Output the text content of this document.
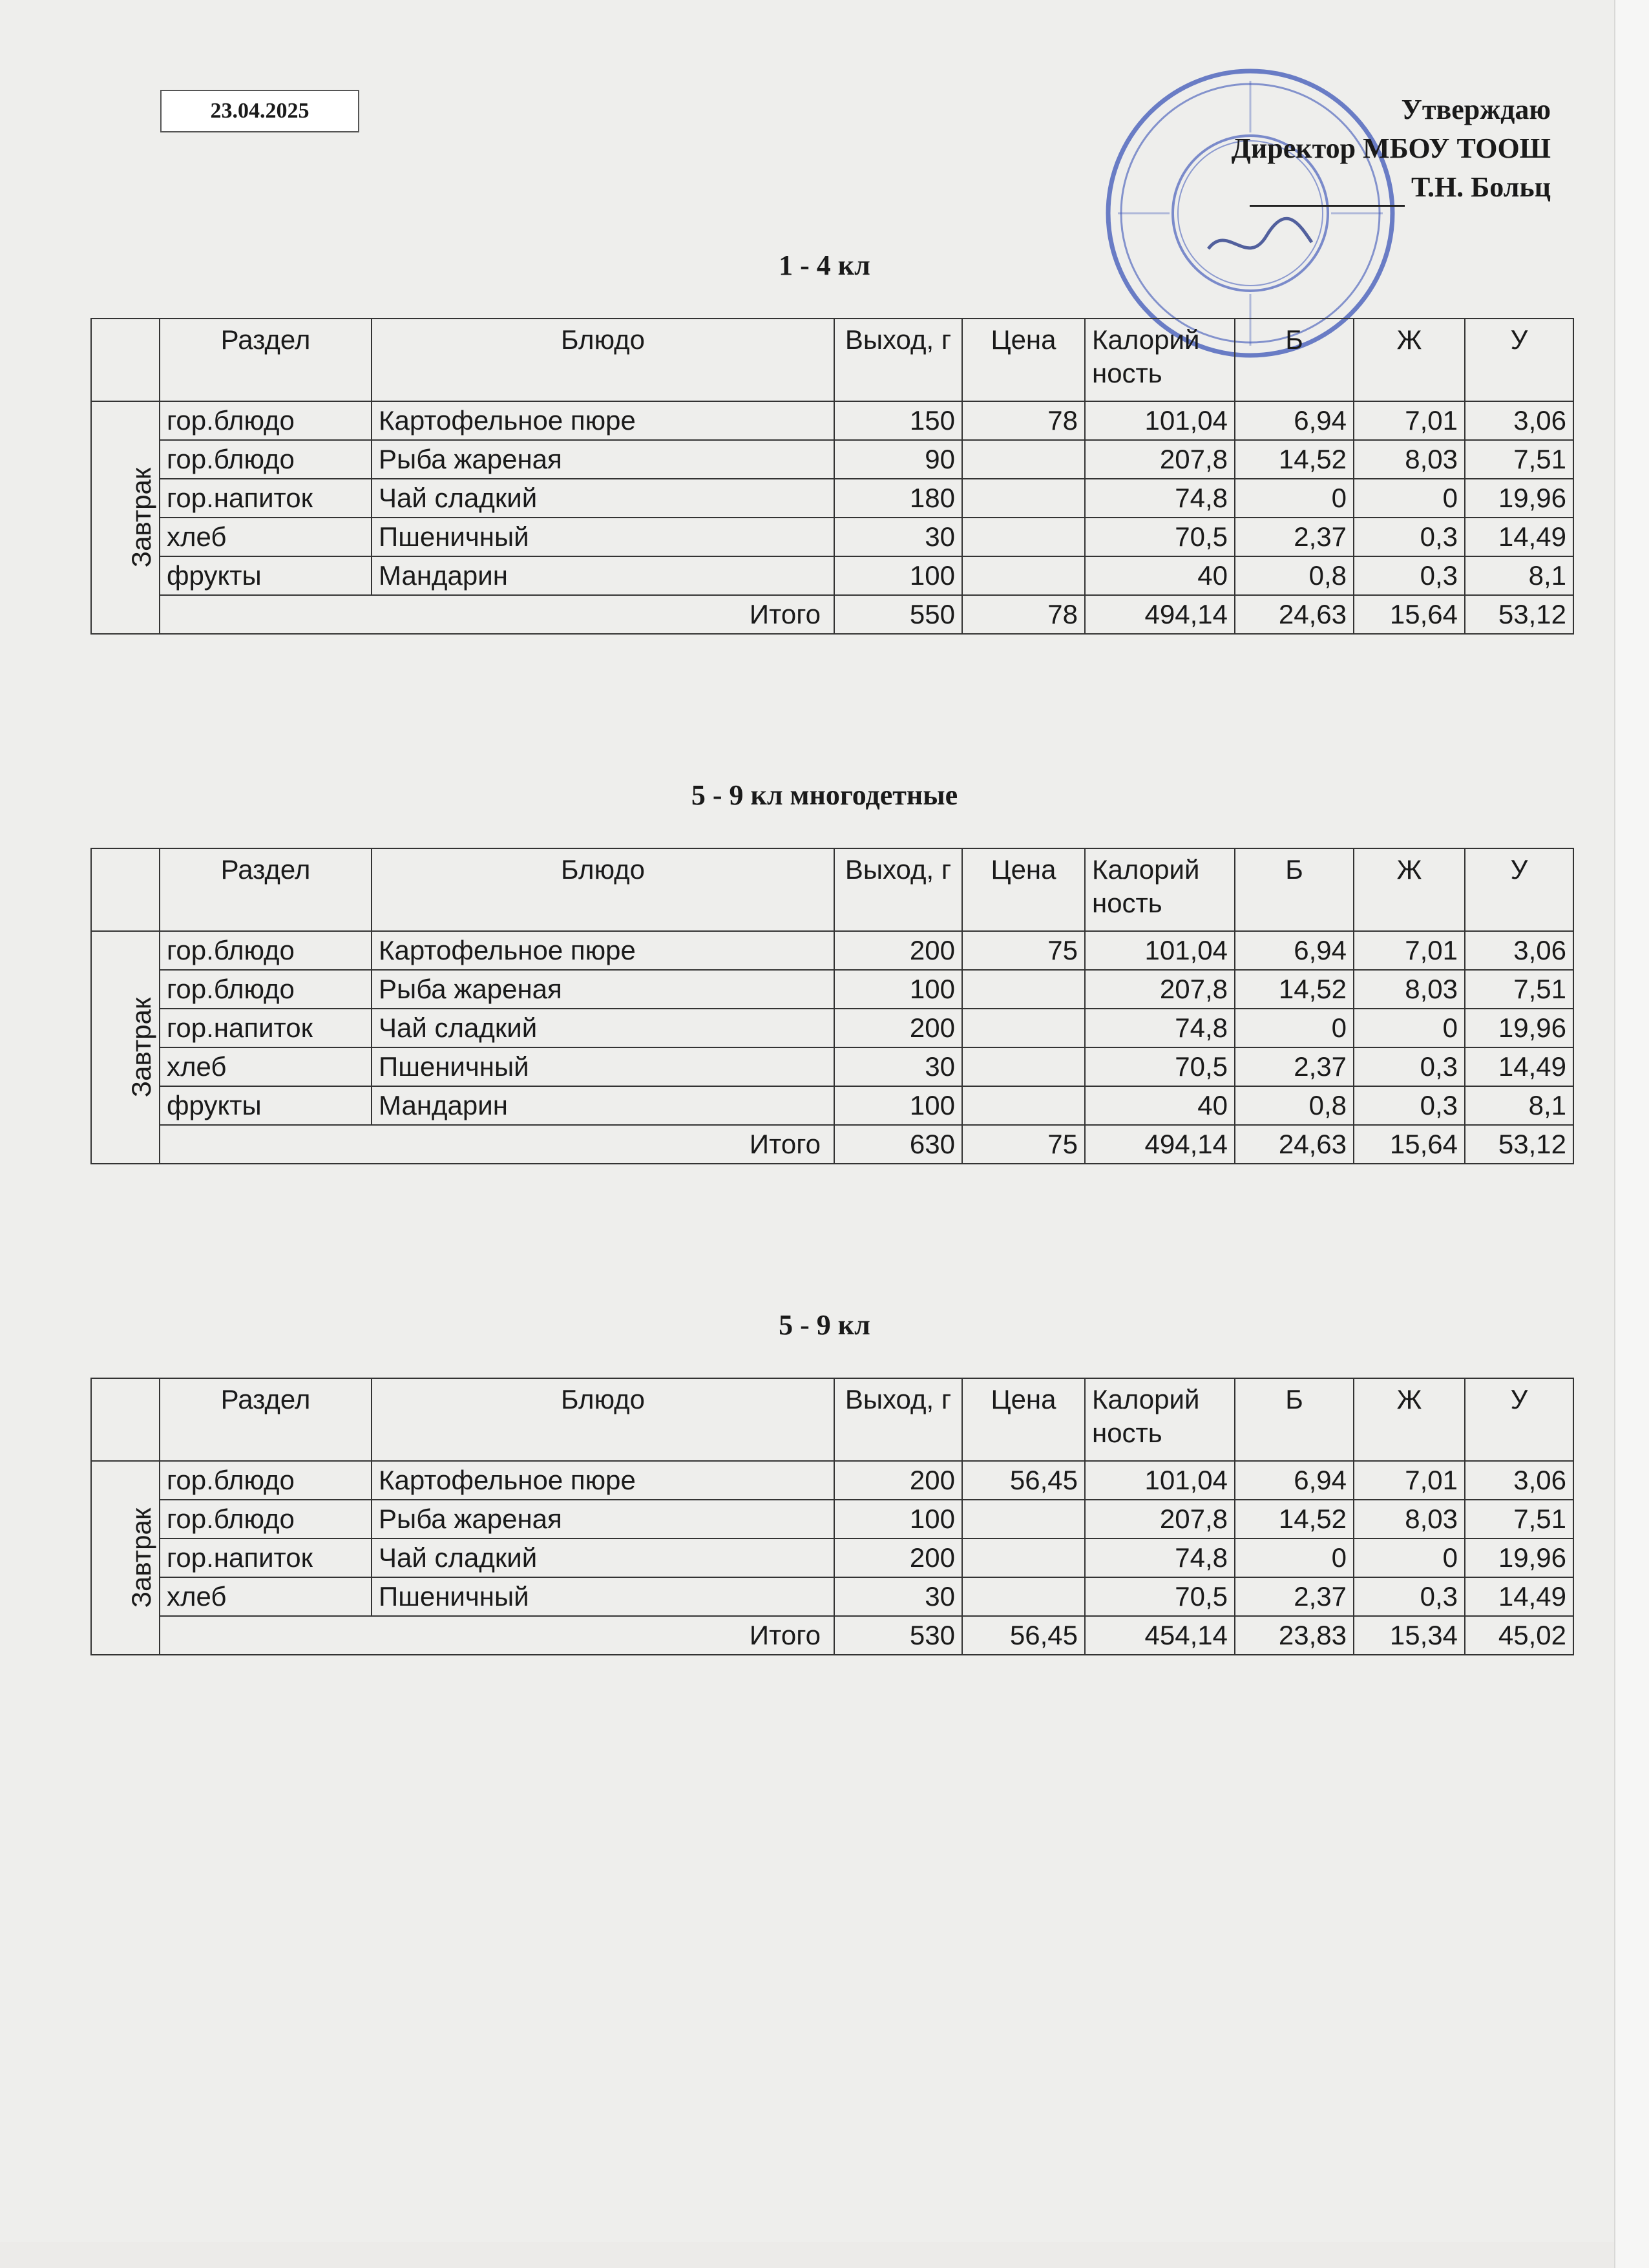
23.04.2025	Утверждаю
Директор МБОУ ТООШ
Т.Н. Больц
1 - 4 кл
	Раздел	Блюдо	Выход, г	Цена	Калорий ность	Б	Ж	У
Завтрак	гор.блюдо	Картофельное пюре	150	78	101,04	6,94	7,01	3,06
	гор.блюдо	Рыба жареная	90		207,8	14,52	8,03	7,51
	гор.напиток	Чай сладкий	180		74,8	0	0	19,96
	хлеб	Пшеничный	30		70,5	2,37	0,3	14,49
	фрукты	Мандарин	100		40	0,8	0,3	8,1
	Итого		550	78	494,14	24,63	15,64	53,12
5 - 9 кл многодетные
	Раздел	Блюдо	Выход, г	Цена	Калорий ность	Б	Ж	У
Завтрак	гор.блюдо	Картофельное пюре	200	75	101,04	6,94	7,01	3,06
	гор.блюдо	Рыба жареная	100		207,8	14,52	8,03	7,51
	гор.напиток	Чай сладкий	200		74,8	0	0	19,96
	хлеб	Пшеничный	30		70,5	2,37	0,3	14,49
	фрукты	Мандарин	100		40	0,8	0,3	8,1
	Итого		630	75	494,14	24,63	15,64	53,12
5 - 9 кл
	Раздел	Блюдо	Выход, г	Цена	Калорий ность	Б	Ж	У
Завтрак	гор.блюдо	Картофельное пюре	200	56,45	101,04	6,94	7,01	3,06
	гор.блюдо	Рыба жареная	100		207,8	14,52	8,03	7,51
	гор.напиток	Чай сладкий	200		74,8	0	0	19,96
	хлеб	Пшеничный	30		70,5	2,37	0,3	14,49
	Итого		530	56,45	454,14	23,83	15,34	45,02
